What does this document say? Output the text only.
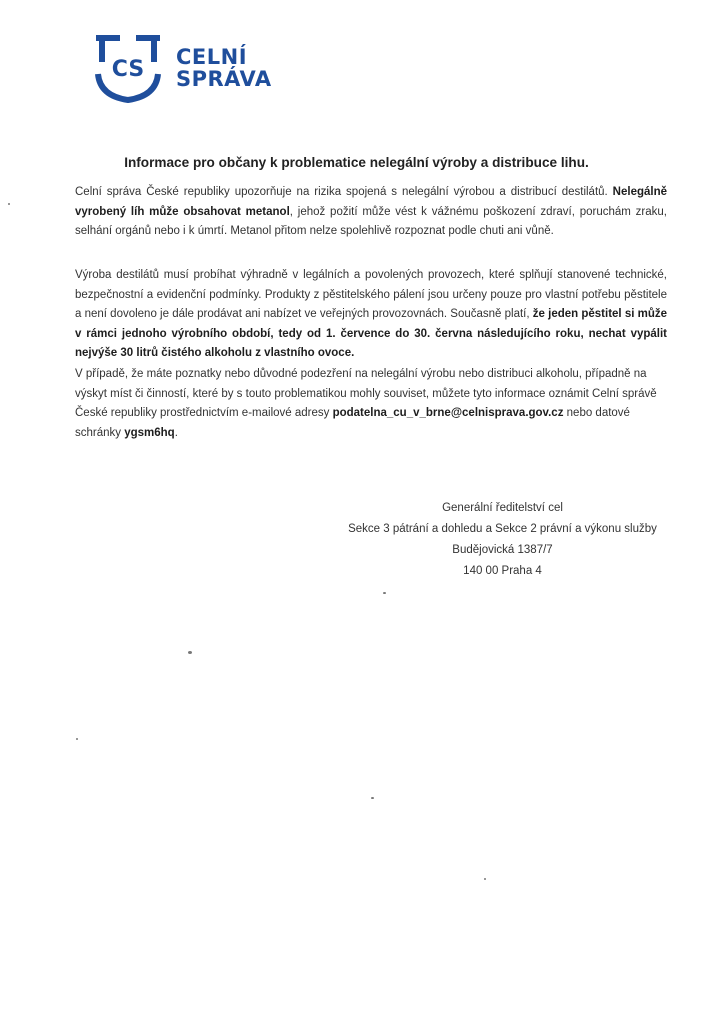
CS CELNÍ
SPRÁVA
Informace pro občany k problematice nelegální výroby a distribuce lihu.

Celní správa České republiky upozorňuje na rizika spojená s nelegální výrobou a distribucí destilátů. Nelegálně vyrobený líh může obsahovat metanol, jehož požití může vést k vážnému poškození zdraví, poruchám zraku, selhání orgánů nebo i k úmrtí. Metanol přitom nelze spolehlivě rozpoznat podle chuti ani vůně.

Výroba destilátů musí probíhat výhradně v legálních a povolených provozech, které splňují stanovené technické, bezpečnostní a evidenční podmínky. Produkty z pěstitelského pálení jsou určeny pouze pro vlastní potřebu pěstitele a není dovoleno je dále prodávat ani nabízet ve veřejných provozovnách. Současně platí, že jeden pěstitel si může v rámci jednoho výrobního období, tedy od 1. července do 30. června následujícího roku, nechat vypálit nejvýše 30 litrů čistého alkoholu z vlastního ovoce.

V případě, že máte poznatky nebo důvodné podezření na nelegální výrobu nebo distribuci alkoholu, případně na výskyt míst či činností, které by s touto problematikou mohly souviset, můžete tyto informace oznámit Celní správě České republiky prostřednictvím e-mailové adresy podatelna_cu_v_brne@celnisprava.gov.cz nebo datové schránky ygsm6hq.

Generální ředitelství cel
Sekce 3 pátrání a dohledu a Sekce 2 právní a výkonu služby
Budějovická 1387/7
140 00 Praha 4
